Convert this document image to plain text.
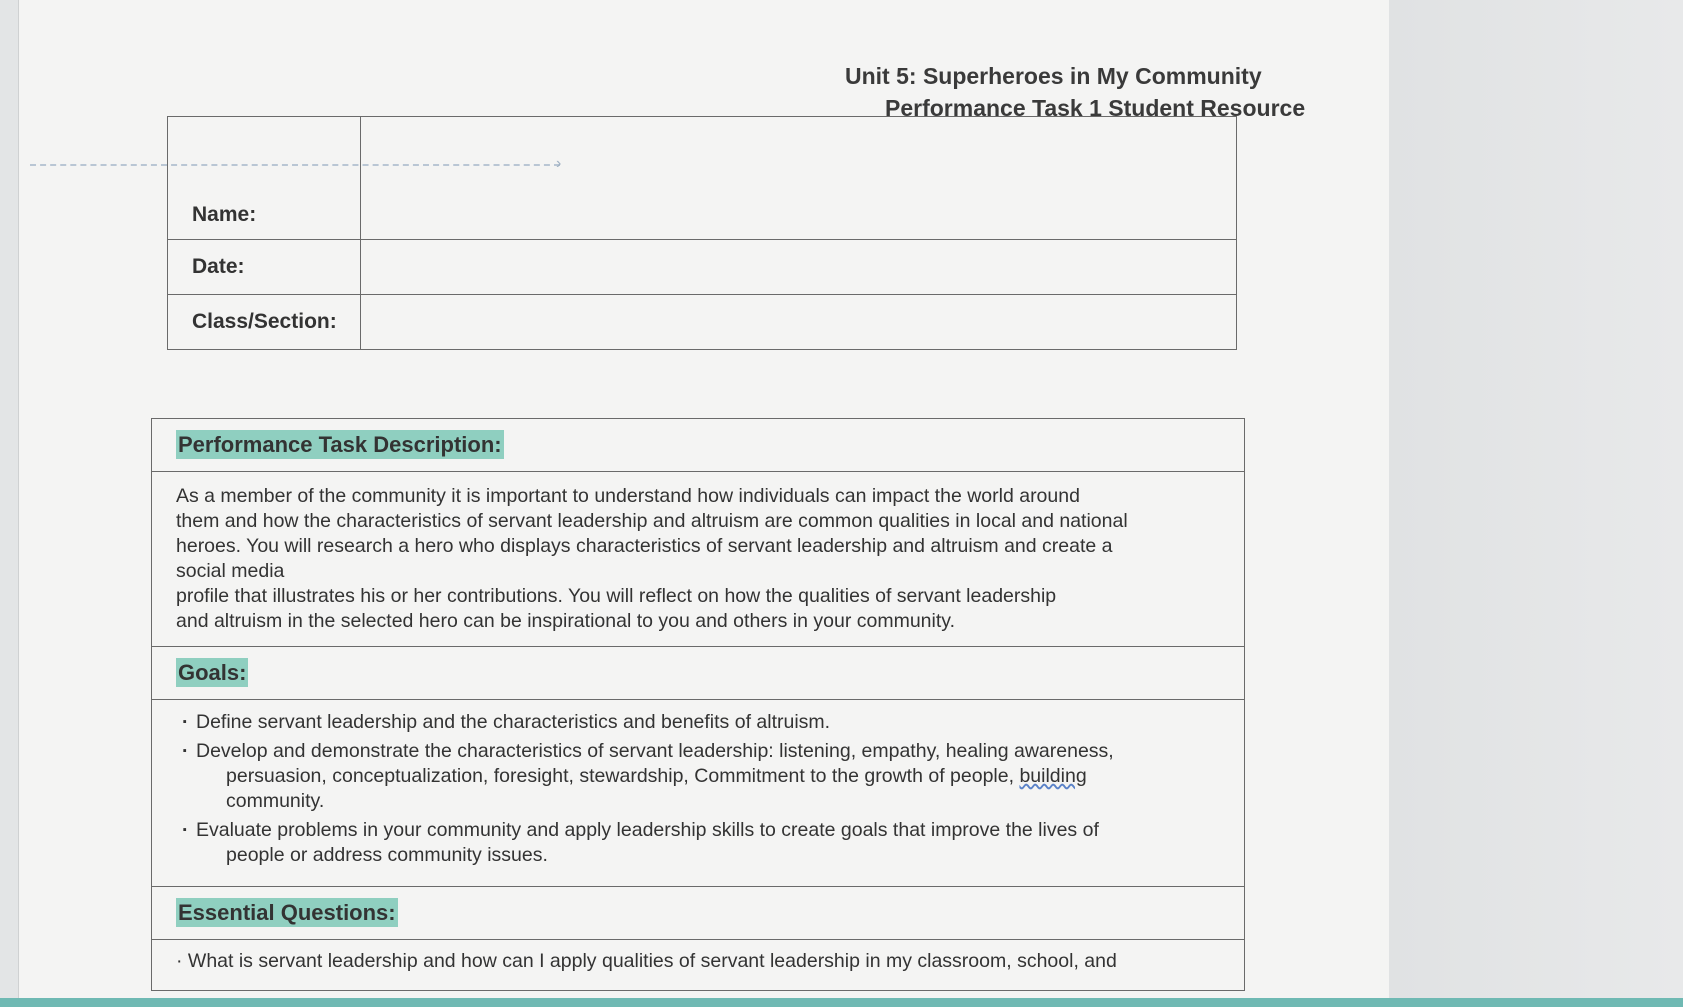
Unit 5: Superheroes in My Community
Performance Task 1 Student Resource
›
Name:	
Date:	
Class/Section:	
Performance Task Description:

As a member of the community it is important to understand how individuals can impact the world around

them and how the characteristics of servant leadership and altruism are common qualities in local and national

heroes. You will research a hero who displays characteristics of servant leadership and altruism and create a

social media

profile that illustrates his or her contributions. You will reflect on how the qualities of servant leadership

and altruism in the selected hero can be inspirational to you and others in your community.

Goals:

· Define servant leadership and the characteristics and benefits of altruism.
· Develop and demonstrate the characteristics of servant leadership: listening, empathy, healing awareness,
persuasion, conceptualization, foresight, stewardship, Commitment to the growth of people, building
community.
· Evaluate problems in your community and apply leadership skills to create goals that improve the lives of
people or address community issues.

Essential Questions:
· What is servant leadership and how can I apply qualities of servant leadership in my classroom, school, and
